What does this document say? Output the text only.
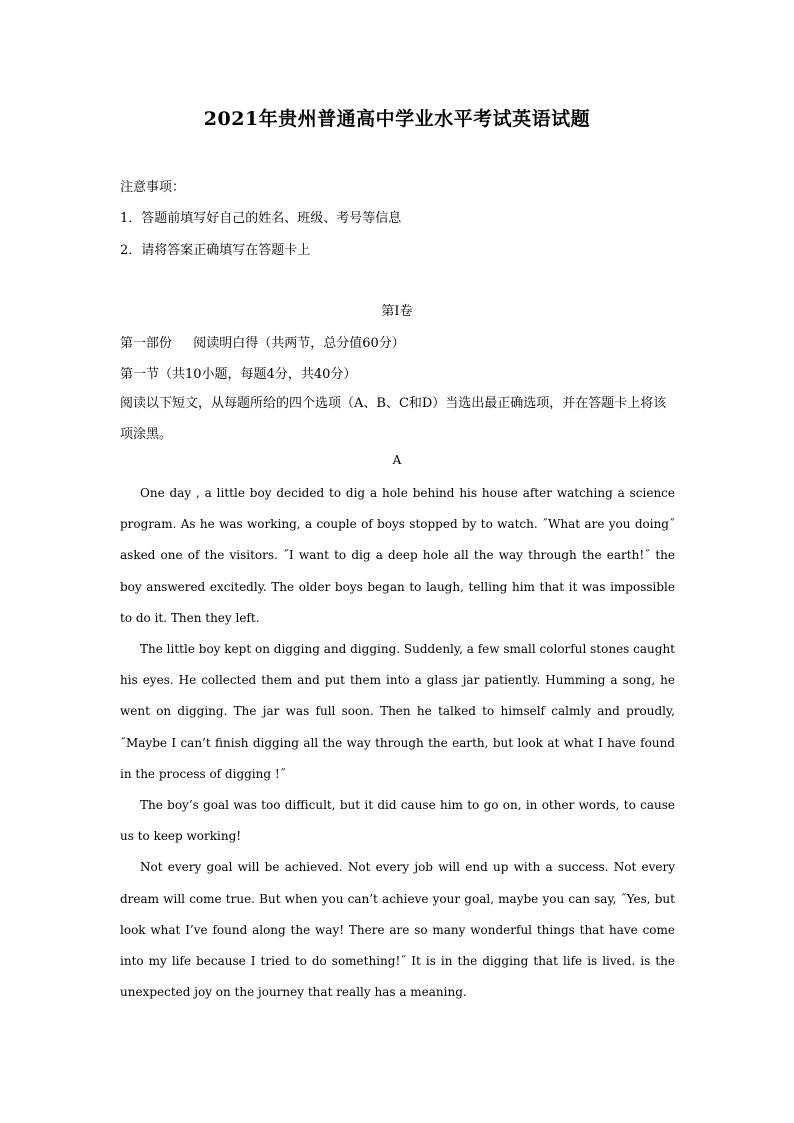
2021年贵州普通高中学业水平考试英语试题
注意事项：
1．答题前填写好自己的姓名、班级、考号等信息
2．请将答案正确填写在答题卡上
第I卷
第一部份 　 阅读明白得（共两节，总分值60分）
第一节（共10小题，每题4分，共40分）
阅读以下短文，从每题所给的四个选项（A、B、C和D）当选出最正确选项，并在答题卡上将该项涂黑。
A

One day , a little boy decided to dig a hole behind his house after watching a science program. As he was working, a couple of boys stopped by to watch. ˝What are you doing˝ asked one of the visitors. ˝I want to dig a deep hole all the way through the earth!˝ the boy answered excitedly. The older boys began to laugh, telling him that it was impossible to do it. Then they left.

The little boy kept on digging and digging. Suddenly, a few small colorful stones caught his eyes. He collected them and put them into a glass jar patiently. Humming a song, he went on digging. The jar was full soon. Then he talked to himself calmly and proudly, ˝Maybe I can’t finish digging all the way through the earth, but look at what I have found in the process of digging !˝

The boy’s goal was too difficult, but it did cause him to go on, in other words, to cause us to keep working!

Not every goal will be achieved. Not every job will end up with a success. Not every dream will come true. But when you can’t achieve your goal, maybe you can say, ˝Yes, but look what I’ve found along the way! There are so many wonderful things that have come into my life because I tried to do something!˝ It is in the digging that life is lived. is the unexpected joy on the journey that really has a meaning.
